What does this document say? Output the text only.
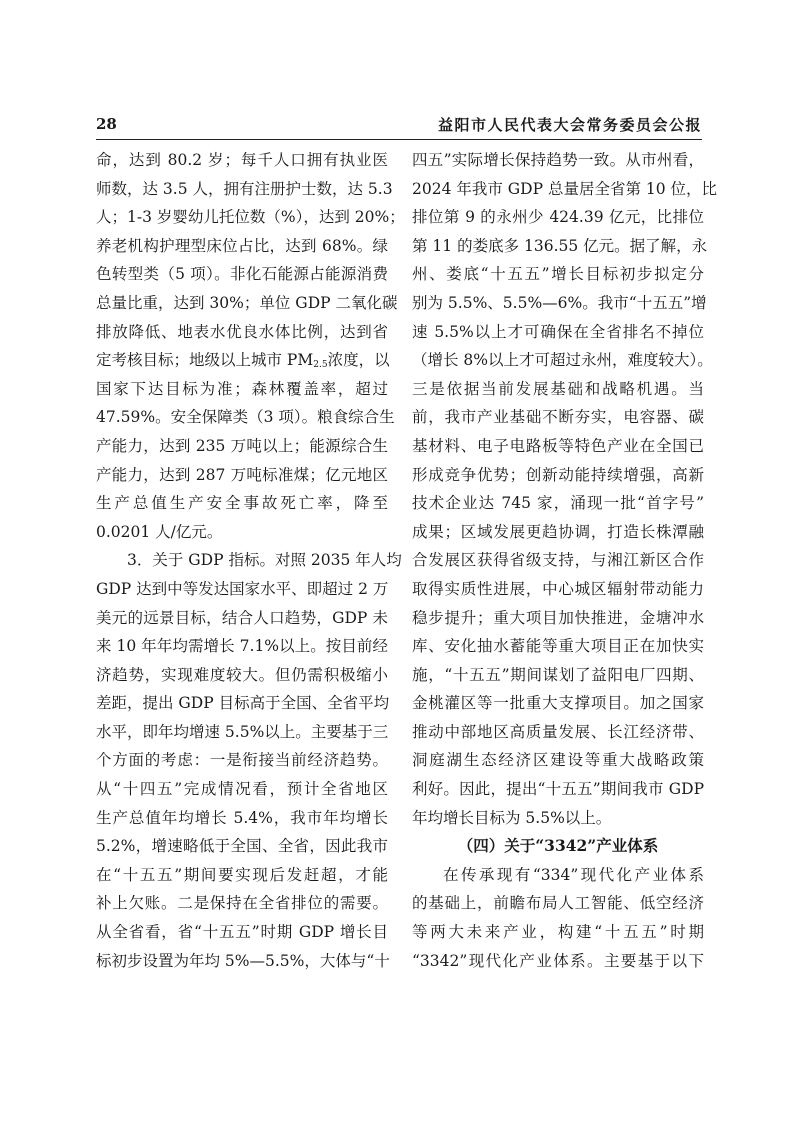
28	益阳市人民代表大会常务委员会公报
命，达到 80.2 岁；每千人口拥有执业医
师数，达 3.5 人，拥有注册护士数，达 5.3
人；1-3 岁婴幼儿托位数（%），达到 20%；
养老机构护理型床位占比，达到 68%。绿
色转型类（5 项）。非化石能源占能源消费
总量比重，达到 30%；单位 GDP 二氧化碳
排放降低、地表水优良水体比例，达到省
定考核目标；地级以上城市 $PM_{2.5}$浓度，以
国家下达目标为准；森林覆盖率，超过
47.59%。安全保障类（3 项）。粮食综合生
产能力，达到 235 万吨以上；能源综合生
产能力，达到 287 万吨标准煤；亿元地区
生产总值生产安全事故死亡率，降至
0.0201 人/亿元。
3．关于 GDP 指标。对照 2035 年人均
GDP 达到中等发达国家水平、即超过 2 万
美元的远景目标，结合人口趋势，GDP 未
来 10 年年均需增长 7.1%以上。按目前经
济趋势，实现难度较大。但仍需积极缩小
差距，提出 GDP 目标高于全国、全省平均
水平，即年均增速 5.5%以上。主要基于三
个方面的考虑：一是衔接当前经济趋势。
从“十四五”完成情况看，预计全省地区
生产总值年均增长 5.4%，我市年均增长
5.2%，增速略低于全国、全省，因此我市
在“十五五”期间要实现后发赶超，才能
补上欠账。二是保持在全省排位的需要。
从全省看，省“十五五”时期 GDP 增长目
标初步设置为年均 5%—5.5%，大体与“十
四五”实际增长保持趋势一致。从市州看，
2024 年我市 GDP 总量居全省第 10 位，比
排位第 9 的永州少 424.39 亿元，比排位
第 11 的娄底多 136.55 亿元。据了解，永
州、娄底“十五五”增长目标初步拟定分
别为 5.5%、5.5%—6%。我市“十五五”增
速 5.5%以上才可确保在全省排名不掉位
（增长 8%以上才可超过永州，难度较大）。
三是依据当前发展基础和战略机遇。当
前，我市产业基础不断夯实，电容器、碳
基材料、电子电路板等特色产业在全国已
形成竞争优势；创新动能持续增强，高新
技术企业达 745 家，涌现一批“首字号”
成果；区域发展更趋协调，打造长株潭融
合发展区获得省级支持，与湘江新区合作
取得实质性进展，中心城区辐射带动能力
稳步提升；重大项目加快推进，金塘冲水
库、安化抽水蓄能等重大项目正在加快实
施，“十五五”期间谋划了益阳电厂四期、
金桃灌区等一批重大支撑项目。加之国家
推动中部地区高质量发展、长江经济带、
洞庭湖生态经济区建设等重大战略政策
利好。因此，提出“十五五”期间我市 GDP
年均增长目标为 5.5%以上。
（四）关于“3342”产业体系
在传承现有“334”现代化产业体系
的基础上，前瞻布局人工智能、低空经济
等两大未来产业，构建“十五五”时期
“3342”现代化产业体系。主要基于以下
